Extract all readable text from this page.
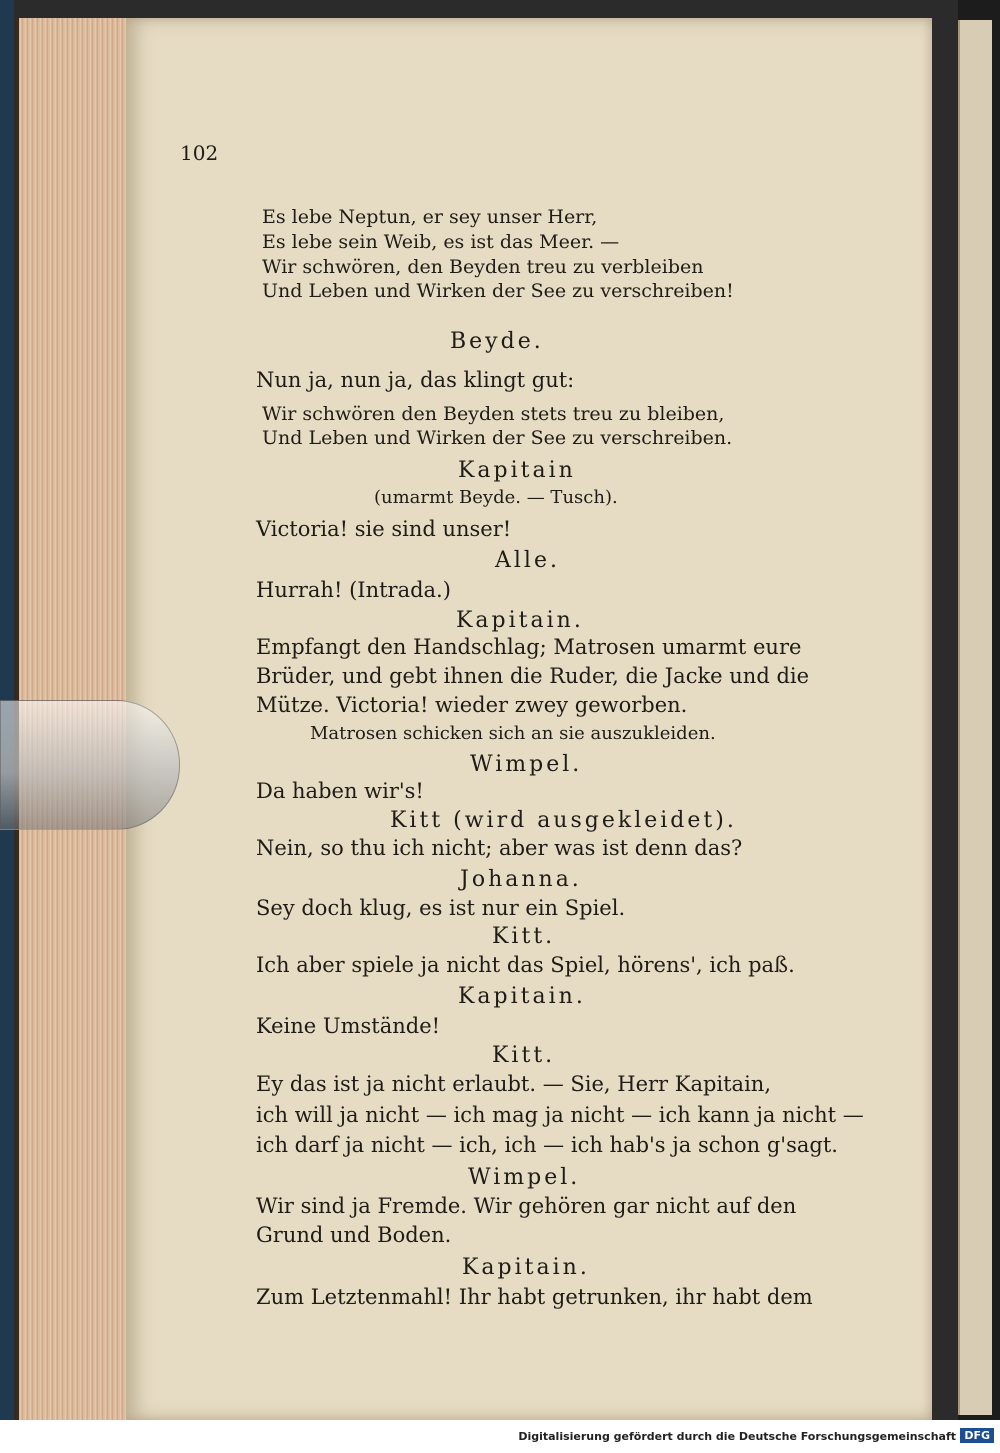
102
Es lebe Neptun, er sey unser Herr,
Es lebe sein Weib, es ist das Meer. —
Wir schwören, den Beyden treu zu verbleiben
Und Leben und Wirken der See zu verschreiben!
Beyde.
Nun ja, nun ja, das klingt gut:
Wir schwören den Beyden stets treu zu bleiben,
Und Leben und Wirken der See zu verschreiben.
Kapitain
(umarmt Beyde. — Tusch).
Victoria! sie sind unser!
Alle.
Hurrah! (Intrada.)
Kapitain.
Empfangt den Handschlag; Matrosen umarmt eure
Brüder, und gebt ihnen die Ruder, die Jacke und die
Mütze. Victoria! wieder zwey geworben.
Matrosen schicken sich an sie auszukleiden.
Wimpel.
Da haben wir's!
Kitt (wird ausgekleidet).
Nein, so thu ich nicht; aber was ist denn das?
Johanna.
Sey doch klug, es ist nur ein Spiel.
Kitt.
Ich aber spiele ja nicht das Spiel, hörens', ich paß.
Kapitain.
Keine Umstände!
Kitt.
Ey das ist ja nicht erlaubt. — Sie, Herr Kapitain,
ich will ja nicht — ich mag ja nicht — ich kann ja nicht —
ich darf ja nicht — ich, ich — ich hab's ja schon g'sagt.
Wimpel.
Wir sind ja Fremde. Wir gehören gar nicht auf den
Grund und Boden.
Kapitain.
Zum Letztenmahl! Ihr habt getrunken, ihr habt dem
Digitalisierung gefördert durch die Deutsche Forschungsgemeinschaft DFG
